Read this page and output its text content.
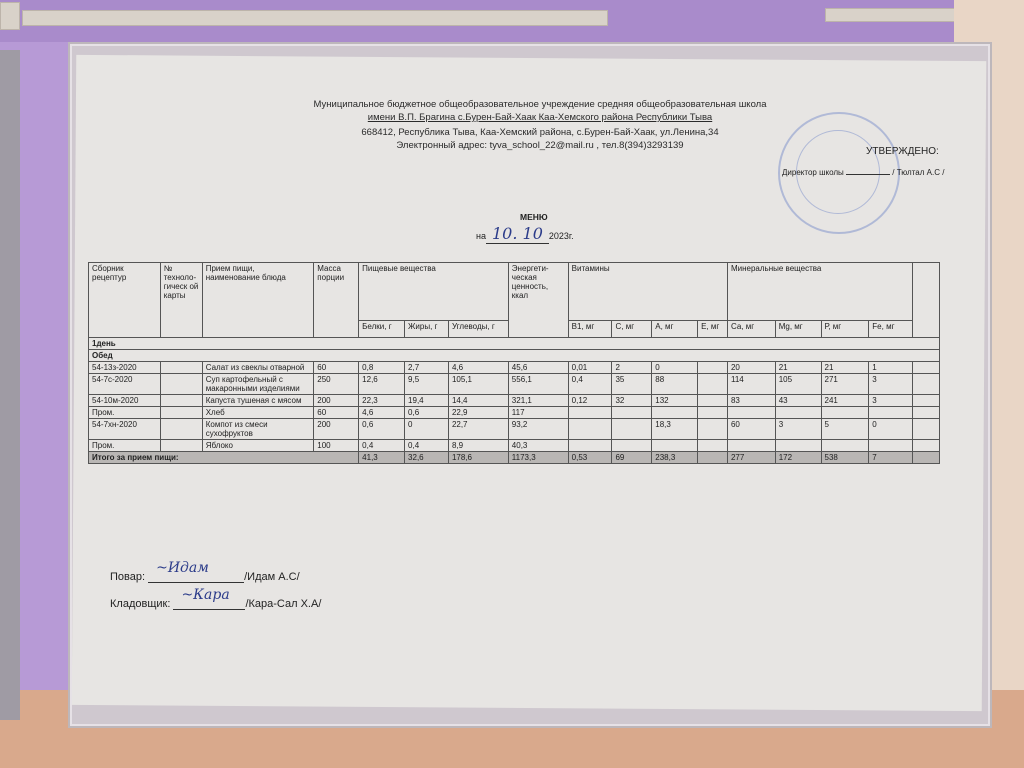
Муниципальное бюджетное общеобразовательное учреждение средняя общеобразовательная школа
имени В.П. Брагина с.Бурен-Бай-Хаак Каа-Хемского района Республики Тыва
668412, Республика Тыва, Каа-Хемский района, с.Бурен-Бай-Хаак, ул.Ленина,34
Электронный адрес: tyva_school_22@mail.ru , тел.8(394)3293139
УТВЕРЖДЕНО:
Директор школы	/ Тюлтал А.С /
МЕНЮ
на 10. 10 2023г.
Сборник рецептур	№ техноло-гическ ой карты	Прием пищи, наименование блюда	Масса порции	Пищевые вещества			Энергети-ческая ценность, ккал	Витамины				Минеральные вещества				
				Белки, г	Жиры, г	Углеводы, г		В1, мг	С, мг	А, мг	Е, мг	Са, мг	Mg, мг	Р, мг	Fe, мг	
1день																
Обед																
54-13з-2020		Салат из свеклы отварной	60	0,8	2,7	4,6	45,6	0,01	2	0		20	21	21	1	
54-7с-2020		Суп картофельный с макаронными изделиями	250	12,6	9,5	105,1	556,1	0,4	35	88		114	105	271	3	
54-10м-2020		Капуста тушеная с мясом	200	22,3	19,4	14,4	321,1	0,12	32	132		83	43	241	3	
Пром.		Хлеб	60	4,6	0,6	22,9	117									
54-7хн-2020		Компот из смеси сухофруктов	200	0,6	0	22,7	93,2			18,3		60	3	5	0	
Пром.		Яблоко	100	0,4	0,4	8,9	40,3									
Итого за прием пищи:				41,3	32,6	178,6	1173,3	0,53	69	238,3		277	172	538	7	
Повар:
~Идам
/Идам А.С/
Кладовщик:
~Кара
/Кара-Сал Х.А/
